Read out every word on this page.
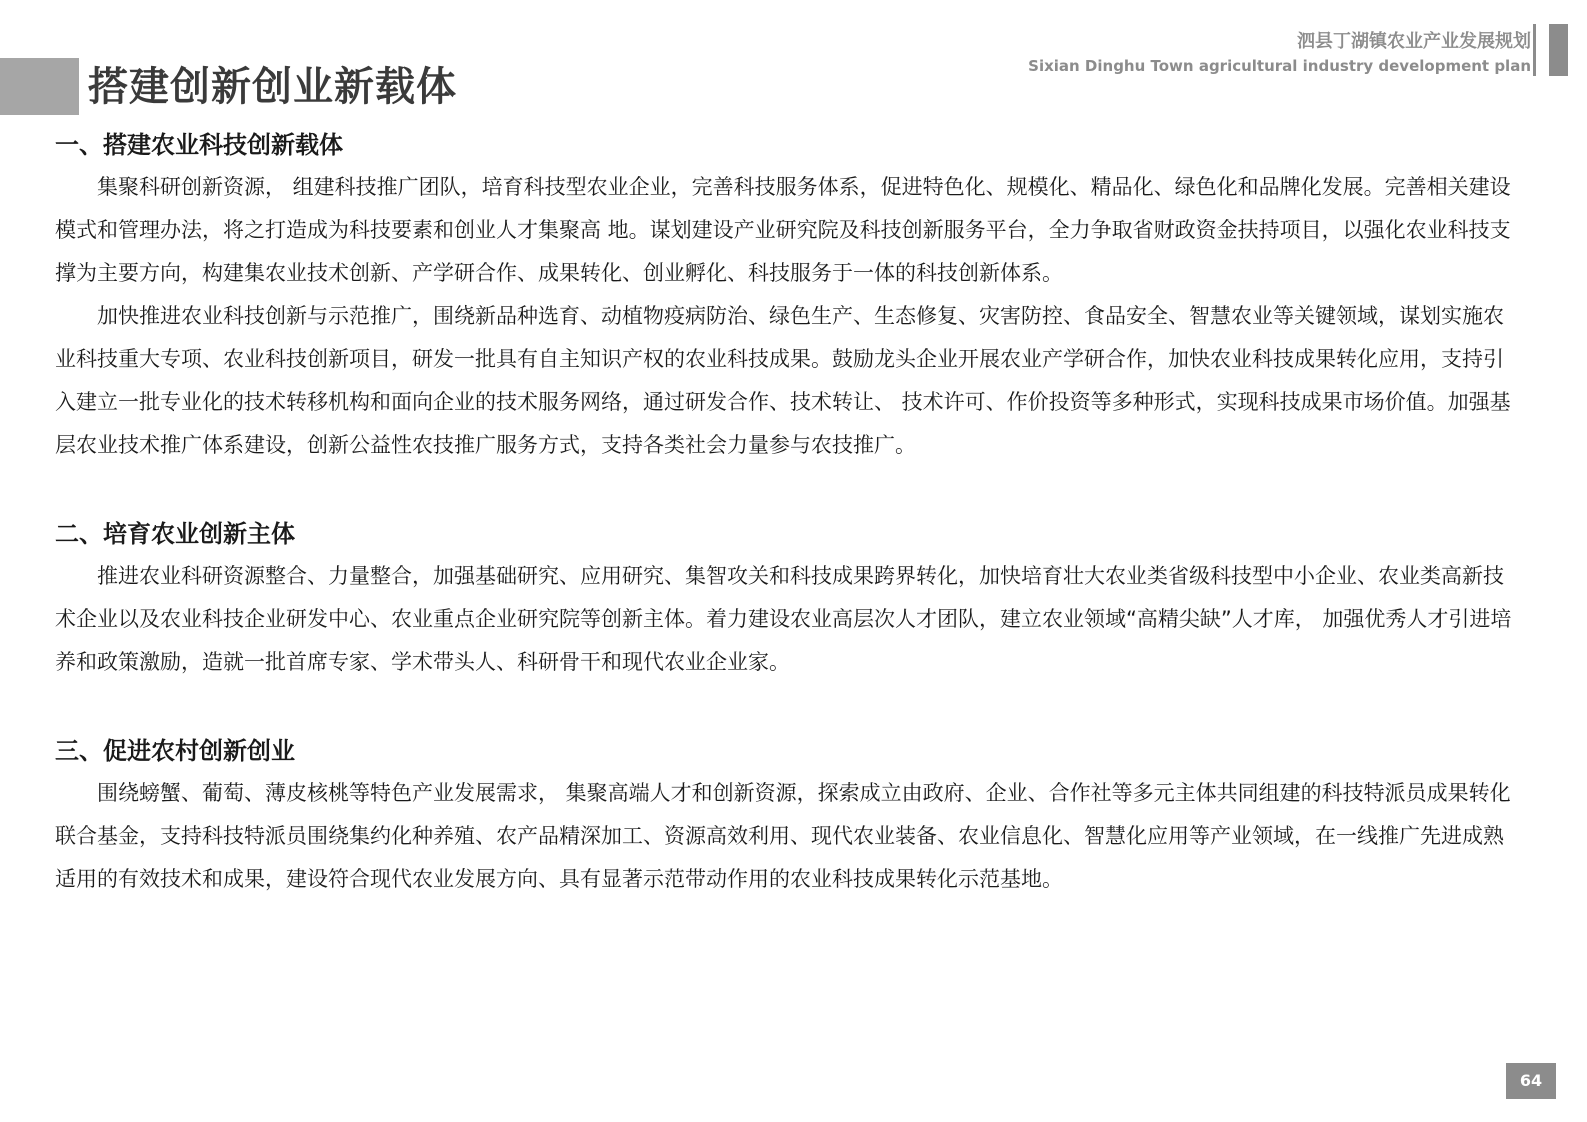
搭建创新创业新载体
泗县丁湖镇农业产业发展规划
Sixian Dinghu Town agricultural industry development plan
一、搭建农业科技创新载体

集聚科研创新资源， 组建科技推广团队，培育科技型农业企业，完善科技服务体系，促进特色化、规模化、精品化、绿色化和品牌化发展。完善相关建设模式和管理办法，将之打造成为科技要素和创业人才集聚高 地。谋划建设产业研究院及科技创新服务平台，全力争取省财政资金扶持项目，以强化农业科技支撑为主要方向，构建集农业技术创新、产学研合作、成果转化、创业孵化、科技服务于一体的科技创新体系。

加快推进农业科技创新与示范推广，围绕新品种选育、动植物疫病防治、绿色生产、生态修复、灾害防控、食品安全、智慧农业等关键领域，谋划实施农业科技重大专项、农业科技创新项目，研发一批具有自主知识产权的农业科技成果。鼓励龙头企业开展农业产学研合作，加快农业科技成果转化应用，支持引入建立一批专业化的技术转移机构和面向企业的技术服务网络，通过研发合作、技术转让、 技术许可、作价投资等多种形式，实现科技成果市场价值。加强基层农业技术推广体系建设，创新公益性农技推广服务方式，支持各类社会力量参与农技推广。

二、培育农业创新主体

推进农业科研资源整合、力量整合，加强基础研究、应用研究、集智攻关和科技成果跨界转化，加快培育壮大农业类省级科技型中小企业、农业类高新技术企业以及农业科技企业研发中心、农业重点企业研究院等创新主体。着力建设农业高层次人才团队，建立农业领域“高精尖缺”人才库， 加强优秀人才引进培养和政策激励，造就一批首席专家、学术带头人、科研骨干和现代农业企业家。

三、促进农村创新创业

围绕螃蟹、葡萄、薄皮核桃等特色产业发展需求， 集聚高端人才和创新资源，探索成立由政府、企业、合作社等多元主体共同组建的科技特派员成果转化联合基金，支持科技特派员围绕集约化种养殖、农产品精深加工、资源高效利用、现代农业装备、农业信息化、智慧化应用等产业领域，在一线推广先进成熟适用的有效技术和成果，建设符合现代农业发展方向、具有显著示范带动作用的农业科技成果转化示范基地。

64
